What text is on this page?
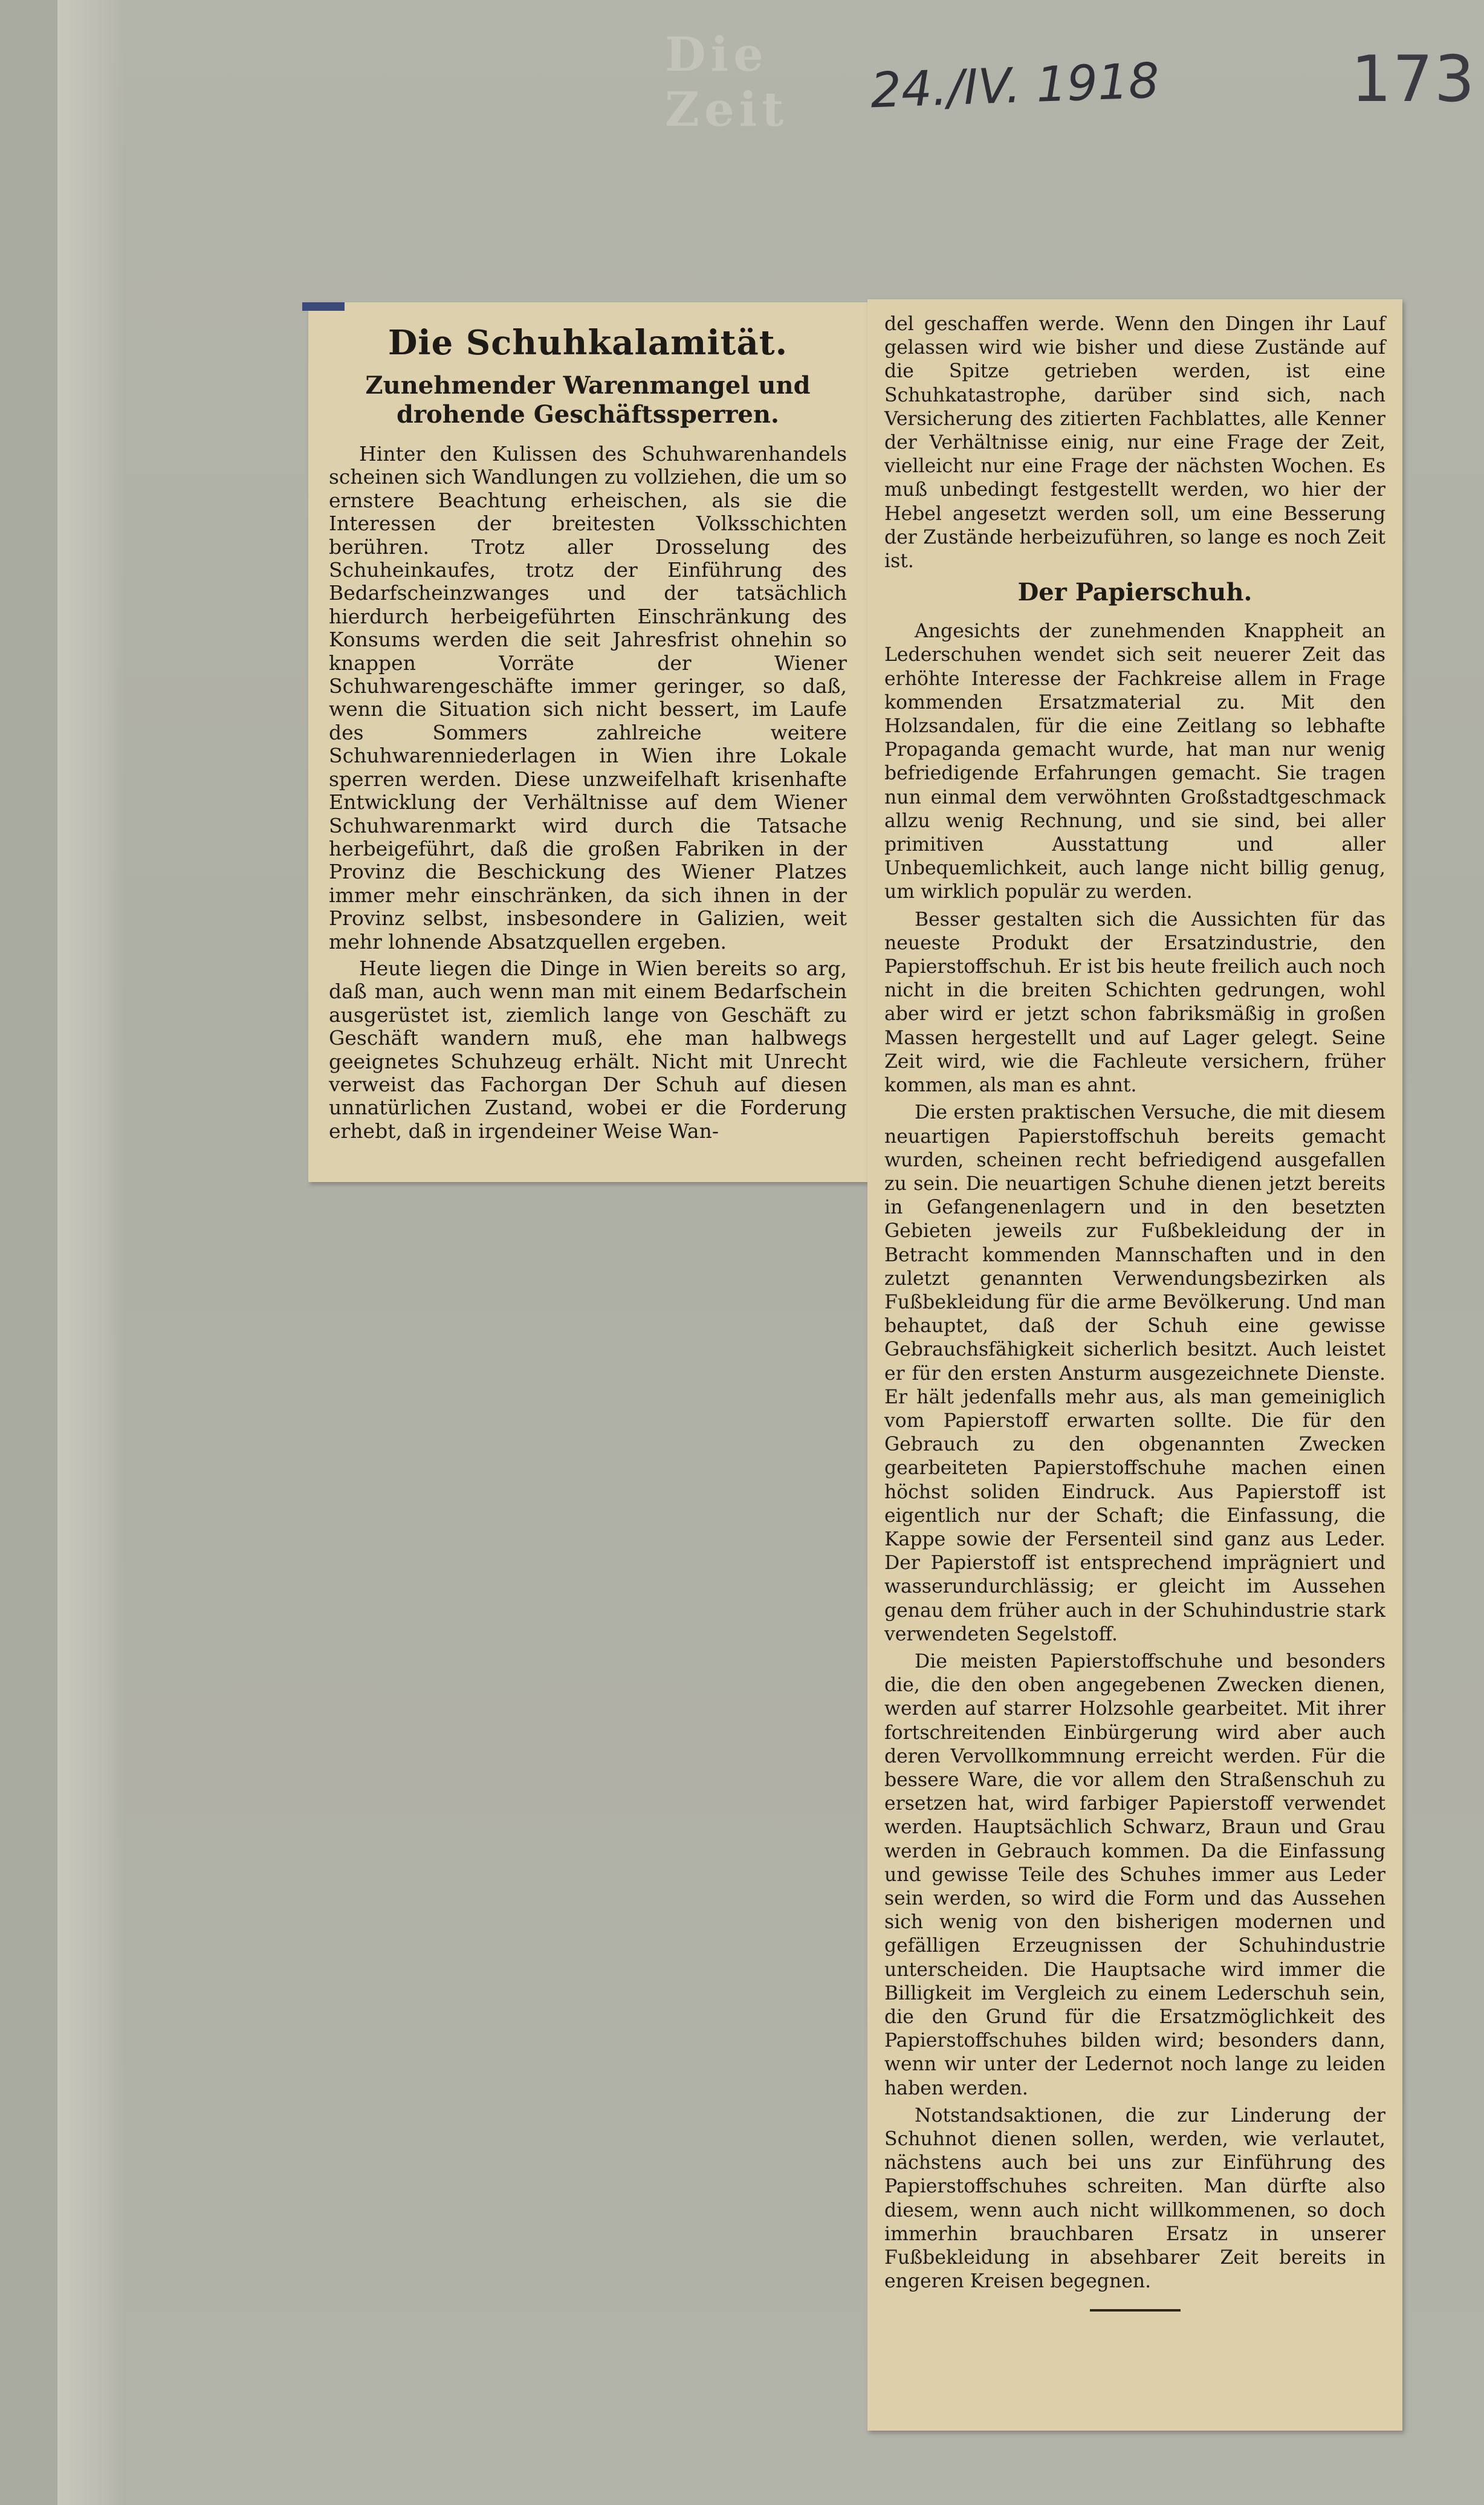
Die Zeit	24./IV. 1918	173
Die Schuhkalamität.
Zunehmender Warenmangel und drohende Geschäftssperren.

Hinter den Kulissen des Schuhwarenhandels scheinen sich Wandlungen zu vollziehen, die um so ernstere Beachtung erheischen, als sie die Interessen der breitesten Volksschichten berühren. Trotz aller Drosselung des Schuheinkaufes, trotz der Einführung des Bedarfscheinzwanges und der tatsächlich hierdurch herbeigeführten Einschränkung des Konsums werden die seit Jahresfrist ohnehin so knappen Vorräte der Wiener Schuhwarengeschäfte immer geringer, so daß, wenn die Situation sich nicht bessert, im Laufe des Sommers zahlreiche weitere Schuhwarenniederlagen in Wien ihre Lokale sperren werden. Diese unzweifelhaft krisenhafte Entwicklung der Verhältnisse auf dem Wiener Schuhwarenmarkt wird durch die Tatsache herbeigeführt, daß die großen Fabriken in der Provinz die Beschickung des Wiener Platzes immer mehr einschränken, da sich ihnen in der Provinz selbst, insbesondere in Galizien, weit mehr lohnende Absatzquellen ergeben.

Heute liegen die Dinge in Wien bereits so arg, daß man, auch wenn man mit einem Bedarfschein ausgerüstet ist, ziemlich lange von Geschäft zu Geschäft wandern muß, ehe man halbwegs geeignetes Schuhzeug erhält. Nicht mit Unrecht verweist das Fachorgan Der Schuh auf diesen unnatürlichen Zustand, wobei er die Forderung erhebt, daß in irgendeiner Weise Wan-

del geschaffen werde. Wenn den Dingen ihr Lauf gelassen wird wie bisher und diese Zustände auf die Spitze getrieben werden, ist eine Schuhkatastrophe, darüber sind sich, nach Versicherung des zitierten Fachblattes, alle Kenner der Verhältnisse einig, nur eine Frage der Zeit, vielleicht nur eine Frage der nächsten Wochen. Es muß unbedingt festgestellt werden, wo hier der Hebel angesetzt werden soll, um eine Besserung der Zustände herbeizuführen, so lange es noch Zeit ist.

Der Papierschuh.

Angesichts der zunehmenden Knappheit an Lederschuhen wendet sich seit neuerer Zeit das erhöhte Interesse der Fachkreise allem in Frage kommenden Ersatzmaterial zu. Mit den Holzsandalen, für die eine Zeitlang so lebhafte Propaganda gemacht wurde, hat man nur wenig befriedigende Erfahrungen gemacht. Sie tragen nun einmal dem verwöhnten Großstadtgeschmack allzu wenig Rechnung, und sie sind, bei aller primitiven Ausstattung und aller Unbequemlichkeit, auch lange nicht billig genug, um wirklich populär zu werden.

Besser gestalten sich die Aussichten für das neueste Produkt der Ersatzindustrie, den Papierstoffschuh. Er ist bis heute freilich auch noch nicht in die breiten Schichten gedrungen, wohl aber wird er jetzt schon fabriksmäßig in großen Massen hergestellt und auf Lager gelegt. Seine Zeit wird, wie die Fachleute versichern, früher kommen, als man es ahnt.

Die ersten praktischen Versuche, die mit diesem neuartigen Papierstoffschuh bereits gemacht wurden, scheinen recht befriedigend ausgefallen zu sein. Die neuartigen Schuhe dienen jetzt bereits in Gefangenenlagern und in den besetzten Gebieten jeweils zur Fußbekleidung der in Betracht kommenden Mannschaften und in den zuletzt genannten Verwendungsbezirken als Fußbekleidung für die arme Bevölkerung. Und man behauptet, daß der Schuh eine gewisse Gebrauchsfähigkeit sicherlich besitzt. Auch leistet er für den ersten Ansturm ausgezeichnete Dienste. Er hält jedenfalls mehr aus, als man gemeiniglich vom Papierstoff erwarten sollte. Die für den Gebrauch zu den obgenannten Zwecken gearbeiteten Papierstoffschuhe machen einen höchst soliden Eindruck. Aus Papierstoff ist eigentlich nur der Schaft; die Einfassung, die Kappe sowie der Fersenteil sind ganz aus Leder. Der Papierstoff ist entsprechend imprägniert und wasserundurchlässig; er gleicht im Aussehen genau dem früher auch in der Schuhindustrie stark verwendeten Segelstoff.

Die meisten Papierstoffschuhe und besonders die, die den oben angegebenen Zwecken dienen, werden auf starrer Holzsohle gearbeitet. Mit ihrer fortschreitenden Einbürgerung wird aber auch deren Vervollkommnung erreicht werden. Für die bessere Ware, die vor allem den Straßenschuh zu ersetzen hat, wird farbiger Papierstoff verwendet werden. Hauptsächlich Schwarz, Braun und Grau werden in Gebrauch kommen. Da die Einfassung und gewisse Teile des Schuhes immer aus Leder sein werden, so wird die Form und das Aussehen sich wenig von den bisherigen modernen und gefälligen Erzeugnissen der Schuhindustrie unterscheiden. Die Hauptsache wird immer die Billigkeit im Vergleich zu einem Lederschuh sein, die den Grund für die Ersatzmöglichkeit des Papierstoffschuhes bilden wird; besonders dann, wenn wir unter der Ledernot noch lange zu leiden haben werden.

Notstandsaktionen, die zur Linderung der Schuhnot dienen sollen, werden, wie verlautet, nächstens auch bei uns zur Einführung des Papierstoffschuhes schreiten. Man dürfte also diesem, wenn auch nicht willkommenen, so doch immerhin brauchbaren Ersatz in unserer Fußbekleidung in absehbarer Zeit bereits in engeren Kreisen begegnen.
